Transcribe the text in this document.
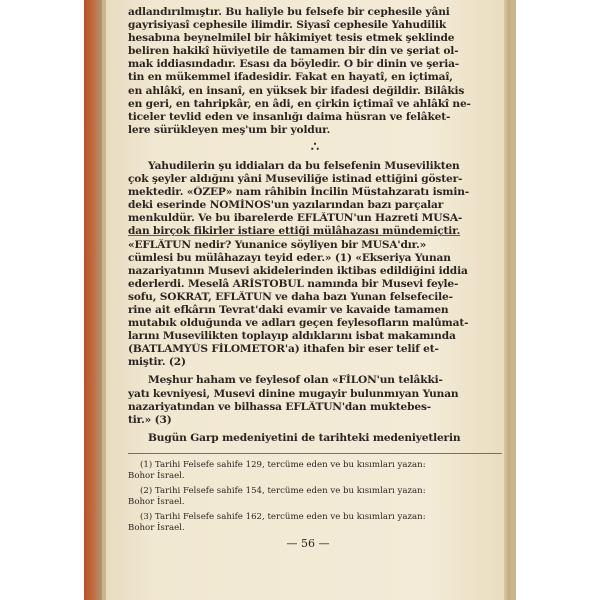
adlandırılmıştır. Bu haliyle bu felsefe bir cephesile yâni
gayrisiyasî cephesile ilimdir. Siyasî cephesile Yahudilik
hesabına beynelmilel bir hâkimiyet tesis etmek şeklinde
beliren hakikî hüviyetile de tamamen bir din ve şeriat ol-
mak iddiasındadır. Esası da böyledir. O bir dinin ve şeria-
tin en mükemmel ifadesidir. Fakat en hayatî, en içtimaî,
en ahlâkî, en insanî, en yüksek bir ifadesi değildir. Bilâkis
en geri, en tahripkâr, en âdi, en çirkin içtimaî ve ahlâkî ne-
ticeler tevlid eden ve insanlığı daima hüsran ve felâket-
lere sürükleyen meş'um bir yoldur.

∴

Yahudilerin şu iddiaları da bu felsefenin Musevilikten
çok şeyler aldığını yâni Museviliğe istinad ettiğini göster-
mektedir. «ÖZEP» nam râhibin İncilin Müstahzaratı ismin-
deki eserinde NOMİNOS'un yazılarından bazı parçalar
menkuldür. Ve bu ibarelerde EFLÂTUN'un Hazreti MUSA-
dan birçok fikirler istiare ettiği mülâhazası mündemiçtir.
«EFLÂTUN nedir? Yunanice söyliyen bir MUSA'dır.»
cümlesi bu mülâhazayı teyid eder.» (1) «Ekseriya Yunan
nazariyatının Musevi akidelerinden iktibas edildiğini iddia
ederlerdi. Meselâ ARİSTOBUL namında bir Musevi feyle-
sofu, SOKRAT, EFLÂTUN ve daha bazı Yunan felsefecile-
rine ait efkârın Tevrat'daki evamir ve kavaide tamamen
mutabık olduğunda ve adları geçen feylesofların malûmat-
larını Musevilikten toplayıp aldıklarını isbat makamında
(BATLAMYÜS FİLOMETOR'a) ithafen bir eser telif et-
miştir. (2)

Meşhur haham ve feylesof olan «FİLON'un telâkki-
yatı kevniyesi, Musevi dinine mugayir bulunmıyan Yunan
nazariyatından ve bilhassa EFLÂTUN'dan muktebes-
tir.» (3)

Bugün Garp medeniyetini de tarihteki medeniyetlerin

(1) Tarihi Felsefe sahife 129, tercüme eden ve bu kısımları yazan:
Bohor İsrael.

(2) Tarihi Felsefe sahife 154, tercüme eden ve bu kısımları yazan:
Bohor İsrael.

(3) Tarihi Felsefe sahife 162, tercüme eden ve bu kısımları yazan:
Bohor İsrael.

— 56 —
